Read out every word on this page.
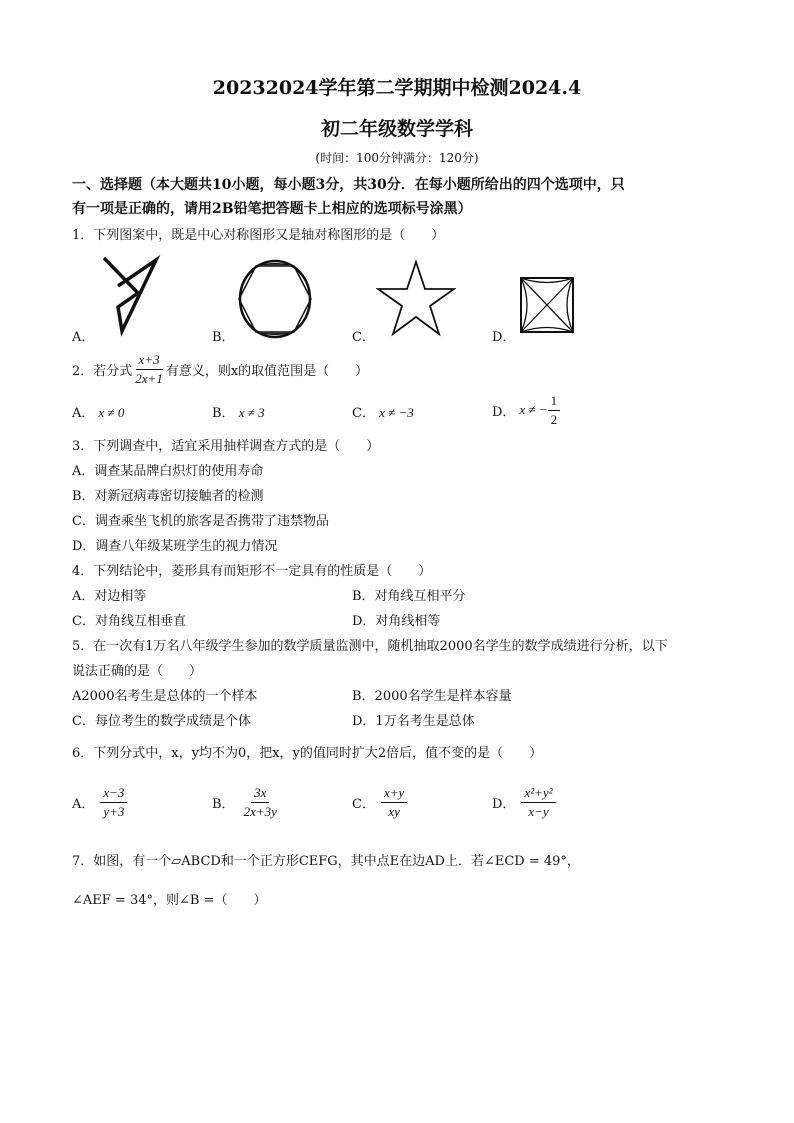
20232024学年第二学期期中检测2024.4
初二年级数学学科
(时间：100分钟满分：120分)
一、选择题（本大题共10小题，每小题3分，共30分．在每小题所给出的四个选项中，只
有一项是正确的，请用2B铅笔把答题卡上相应的选项标号涂黑）
1．下列图案中，既是中心对称图形又是轴对称图形的是（　　）
A．	B．	C．	D．
2．若分式 $\frac{x+3}{2x+1}$ 有意义，则x的取值范围是（　　）
A． x ≠ 0	B． x ≠ 3	C． x ≠ −3	D． x ≠ − $\frac{1}{2}$
3．下列调查中，适宜采用抽样调查方式的是（　　）
A．调查某品牌白炽灯的使用寿命
B．对新冠病毒密切接触者的检测
C．调查乘坐飞机的旅客是否携带了违禁物品
D．调查八年级某班学生的视力情况
4．下列结论中，菱形具有而矩形不一定具有的性质是（　　）
A．对边相等	B．对角线互相平分
C．对角线互相垂直	D．对角线相等
5．在一次有1万名八年级学生参加的数学质量监测中，随机抽取2000名学生的数学成绩进行分析，以下
说法正确的是（　　）
A2000名考生是总体的一个样本	B．2000名学生是样本容量
C．每位考生的数学成绩是个体	D．1万名考生是总体
6．下列分式中，x，y均不为0，把x，y的值同时扩大2倍后，值不变的是（　　）
A． $\frac{x-3}{y+3}$	B． $\frac{3x}{2x+3y}$	C． $\frac{x+y}{xy}$	D． $\frac{\text{x²+y²}}{x-y}$
7．如图，有一个▱ABCD和一个正方形CEFG，其中点E在边AD上．若∠ECD = 49°，
∠AEF = 34°，则∠B =（　　）
